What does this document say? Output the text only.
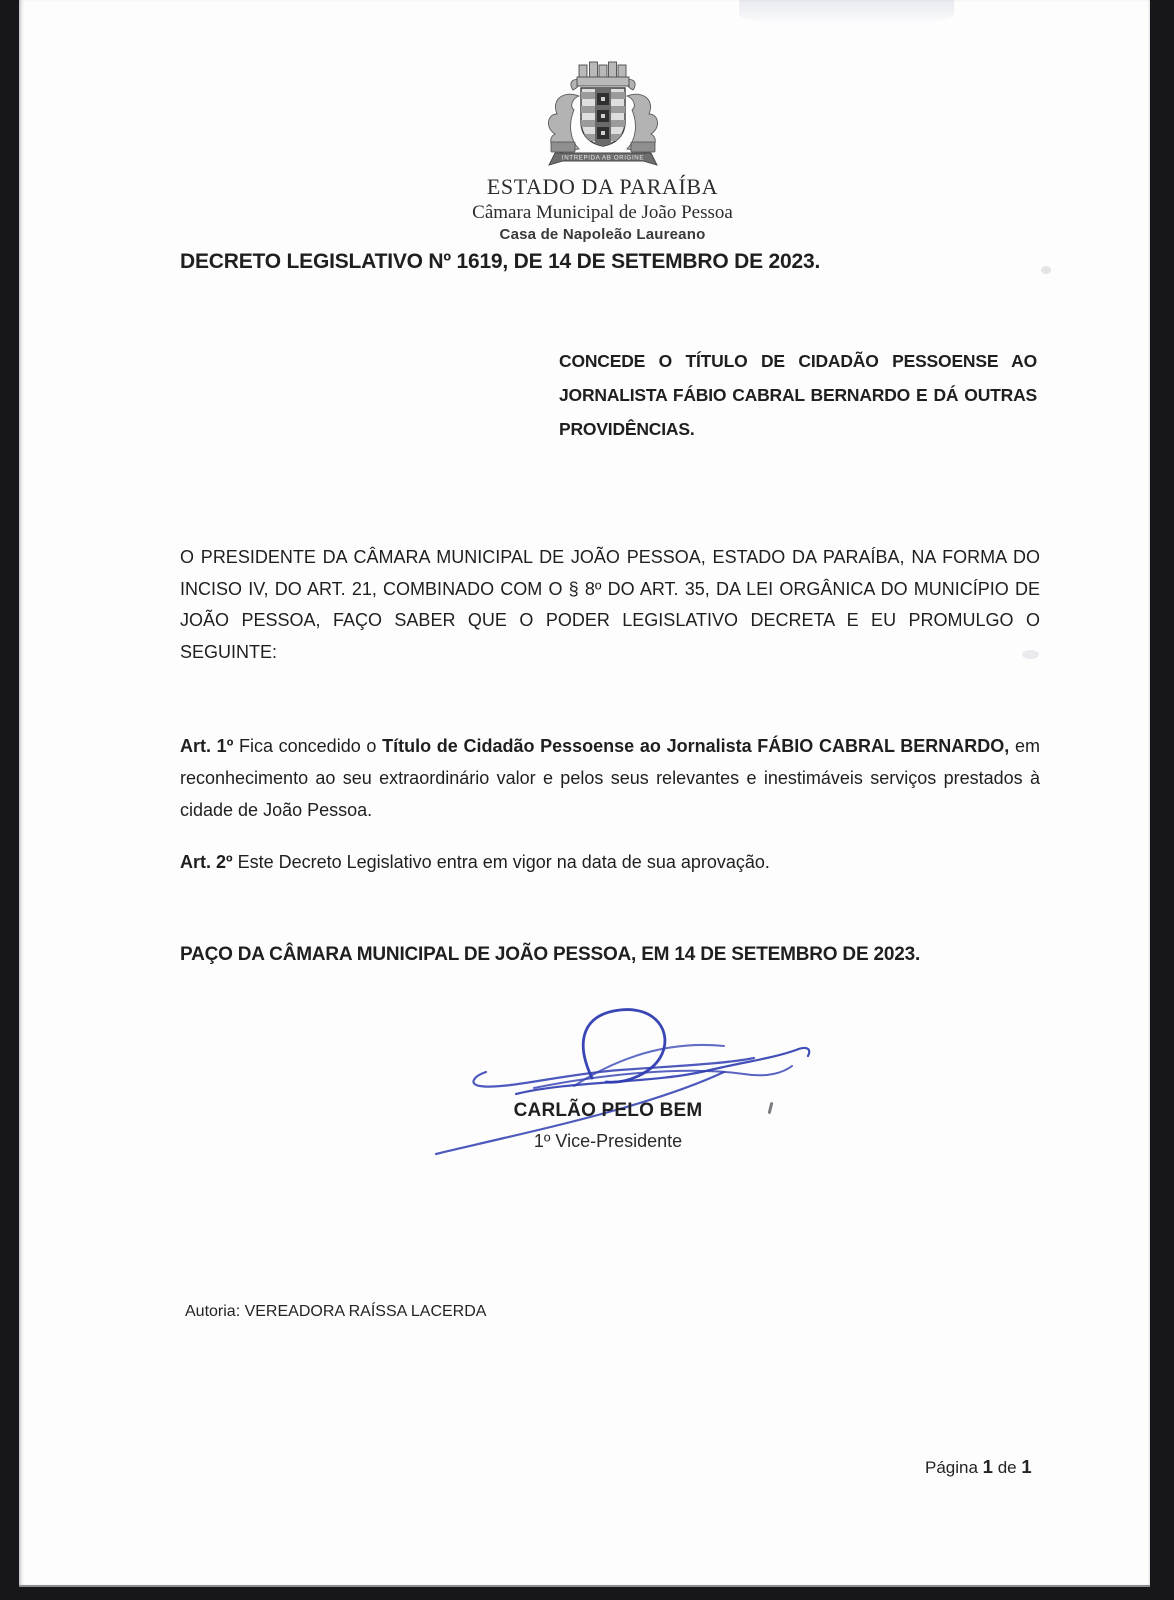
INTREPIDA AB ORIGINE
ESTADO DA PARAÍBA
Câmara Municipal de João Pessoa
Casa de Napoleão Laureano
DECRETO LEGISLATIVO Nº 1619, DE 14 DE SETEMBRO DE 2023.
CONCEDE O TÍTULO DE CIDADÃO PESSOENSE AO JORNALISTA FÁBIO CABRAL BERNARDO E DÁ OUTRAS PROVIDÊNCIAS.
O PRESIDENTE DA CÂMARA MUNICIPAL DE JOÃO PESSOA, ESTADO DA PARAÍBA, NA FORMA DO INCISO IV, DO ART. 21, COMBINADO COM O § 8º DO ART. 35, DA LEI ORGÂNICA DO MUNICÍPIO DE JOÃO PESSOA, FAÇO SABER QUE O PODER LEGISLATIVO DECRETA E EU PROMULGO O SEGUINTE:
Art. 1º Fica concedido o Título de Cidadão Pessoense ao Jornalista FÁBIO CABRAL BERNARDO, em reconhecimento ao seu extraordinário valor e pelos seus relevantes e inestimáveis serviços prestados à cidade de João Pessoa.
Art. 2º Este Decreto Legislativo entra em vigor na data de sua aprovação.
PAÇO DA CÂMARA MUNICIPAL DE JOÃO PESSOA, EM 14 DE SETEMBRO DE 2023.
CARLÃO PELO BEM
1º Vice-Presidente
Autoria: VEREADORA RAÍSSA LACERDA
Página 1 de 1
